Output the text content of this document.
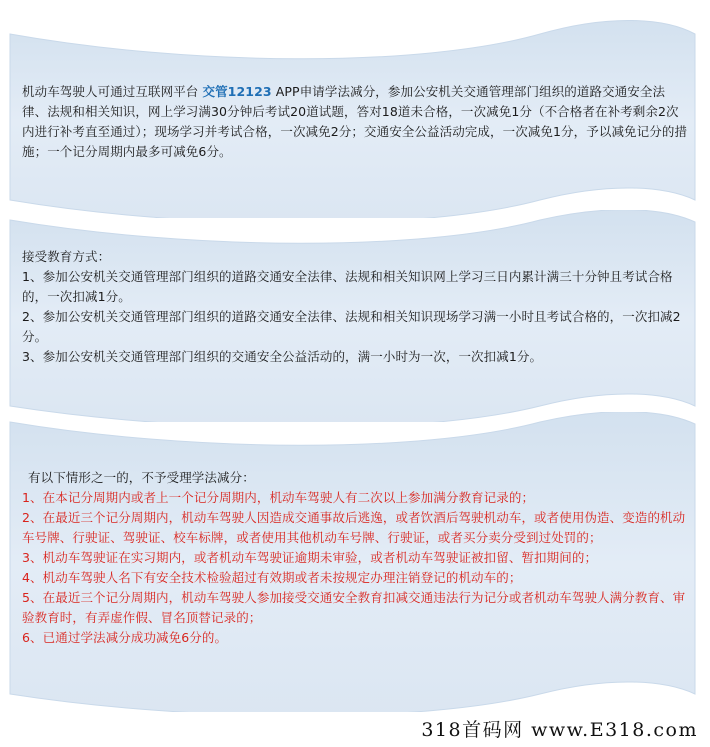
机动车驾驶人可通过互联网平台 交管12123 APP申请学法减分，参加公安机关交通管理部门组织的道路交通安全法律、法规和相关知识，网上学习满30分钟后考试20道试题，答对18道未合格，一次减免1分（不合格者在补考剩余2次内进行补考直至通过）；现场学习并考试合格，一次减免2分；交通安全公益活动完成，一次减免1分，予以减免记分的措施；一个记分周期内最多可减免6分。

接受教育方式：

1、参加公安机关交通管理部门组织的道路交通安全法律、法规和相关知识网上学习三日内累计满三十分钟且考试合格的，一次扣减1分。

2、参加公安机关交通管理部门组织的道路交通安全法律、法规和相关知识现场学习满一小时且考试合格的，一次扣减2分。

3、参加公安机关交通管理部门组织的交通安全公益活动的，满一小时为一次，一次扣减1分。

有以下情形之一的，不予受理学法减分：

1、在本记分周期内或者上一个记分周期内，机动车驾驶人有二次以上参加满分教育记录的；

2、在最近三个记分周期内，机动车驾驶人因造成交通事故后逃逸，或者饮酒后驾驶机动车，或者使用伪造、变造的机动车号牌、行驶证、驾驶证、校车标牌，或者使用其他机动车号牌、行驶证，或者买分卖分受到过处罚的；

3、机动车驾驶证在实习期内，或者机动车驾驶证逾期未审验，或者机动车驾驶证被扣留、暂扣期间的；

4、机动车驾驶人名下有安全技术检验超过有效期或者未按规定办理注销登记的机动车的；

5、在最近三个记分周期内，机动车驾驶人参加接受交通安全教育扣减交通违法行为记分或者机动车驾驶人满分教育、审验教育时，有弄虚作假、冒名顶替记录的；

6、已通过学法减分成功减免6分的。

318首码网 www.E318.com
